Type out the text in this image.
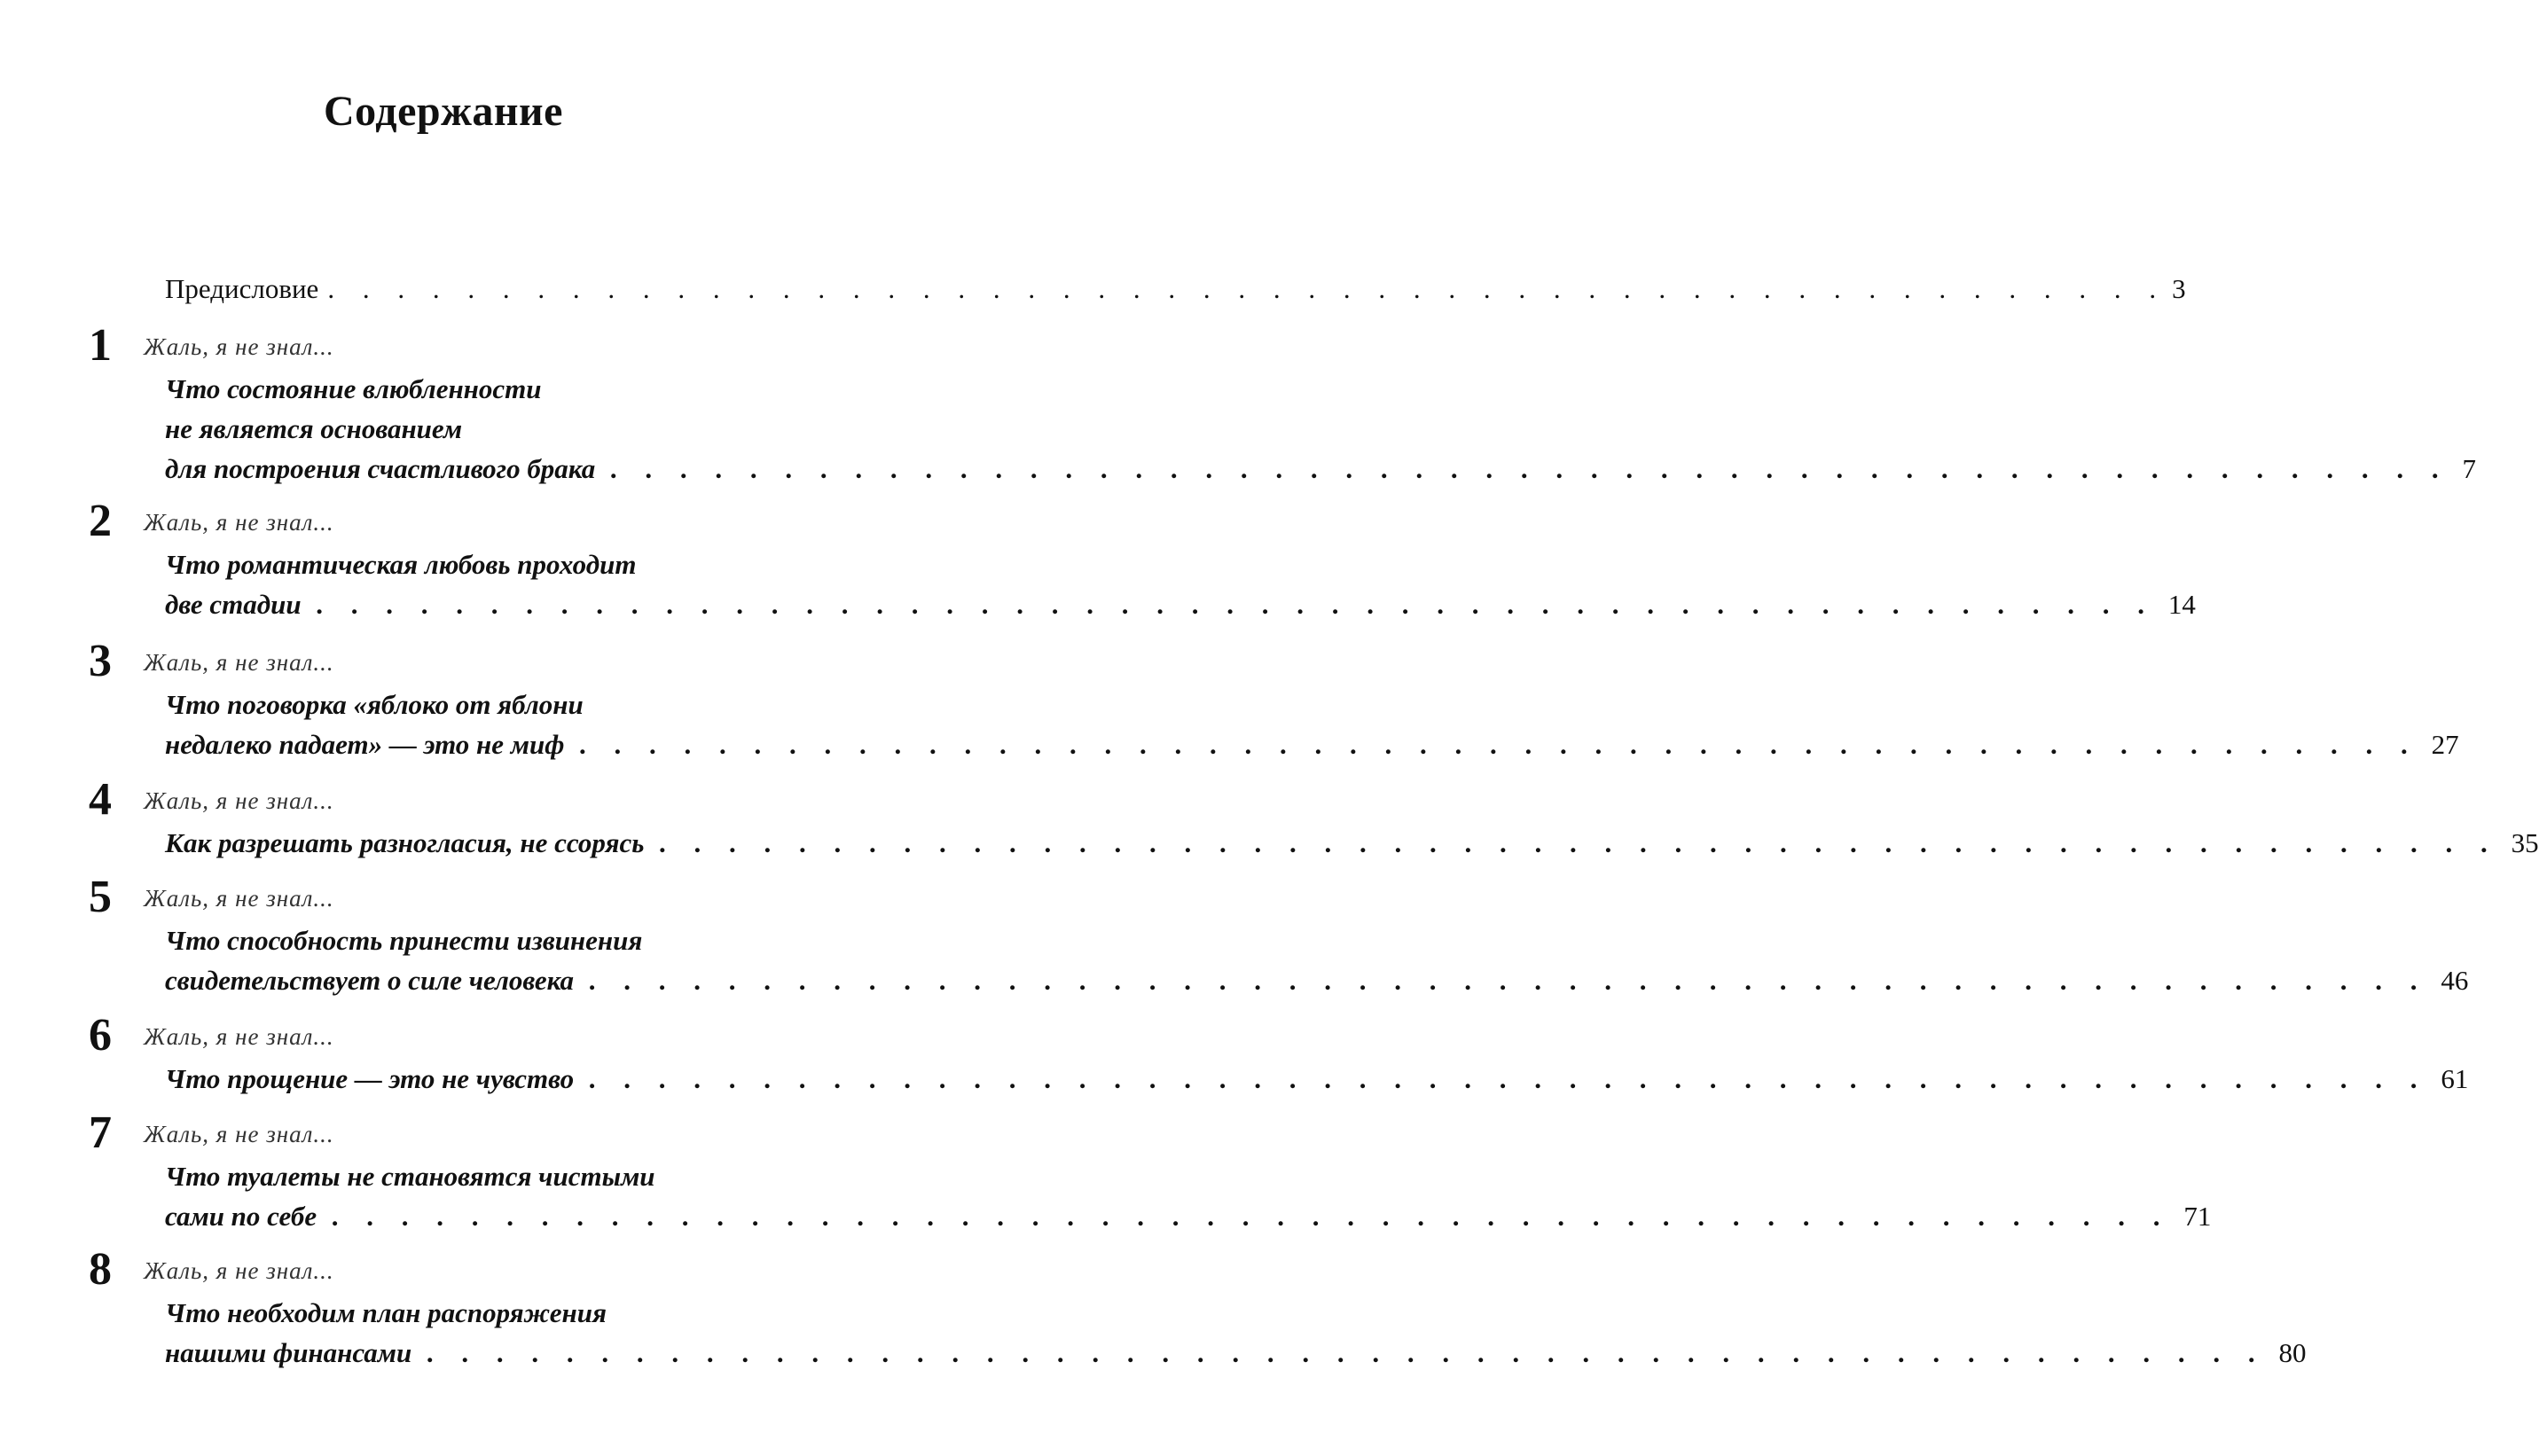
Содержание
Предисловие . . .	3
1	Жаль, я не знал...
Что состояние влюбленности
не является основанием
для построения счастливого брака . . .	7
2	Жаль, я не знал...
Что романтическая любовь проходит
две стадии . . .	14
3	Жаль, я не знал...
Что поговорка «яблоко от яблони
недалеко падает» — это не миф . . .	27
4	Жаль, я не знал...
Как разрешать разногласия, не ссорясь . . .	35
5	Жаль, я не знал...
Что способность принести извинения
свидетельствует о силе человека . . .	46
6	Жаль, я не знал...
Что прощение — это не чувство . . .	61
7	Жаль, я не знал...
Что туалеты не становятся чистыми
сами по себе . . .	71
8	Жаль, я не знал...
Что необходим план распоряжения
нашими финансами . . .	80
